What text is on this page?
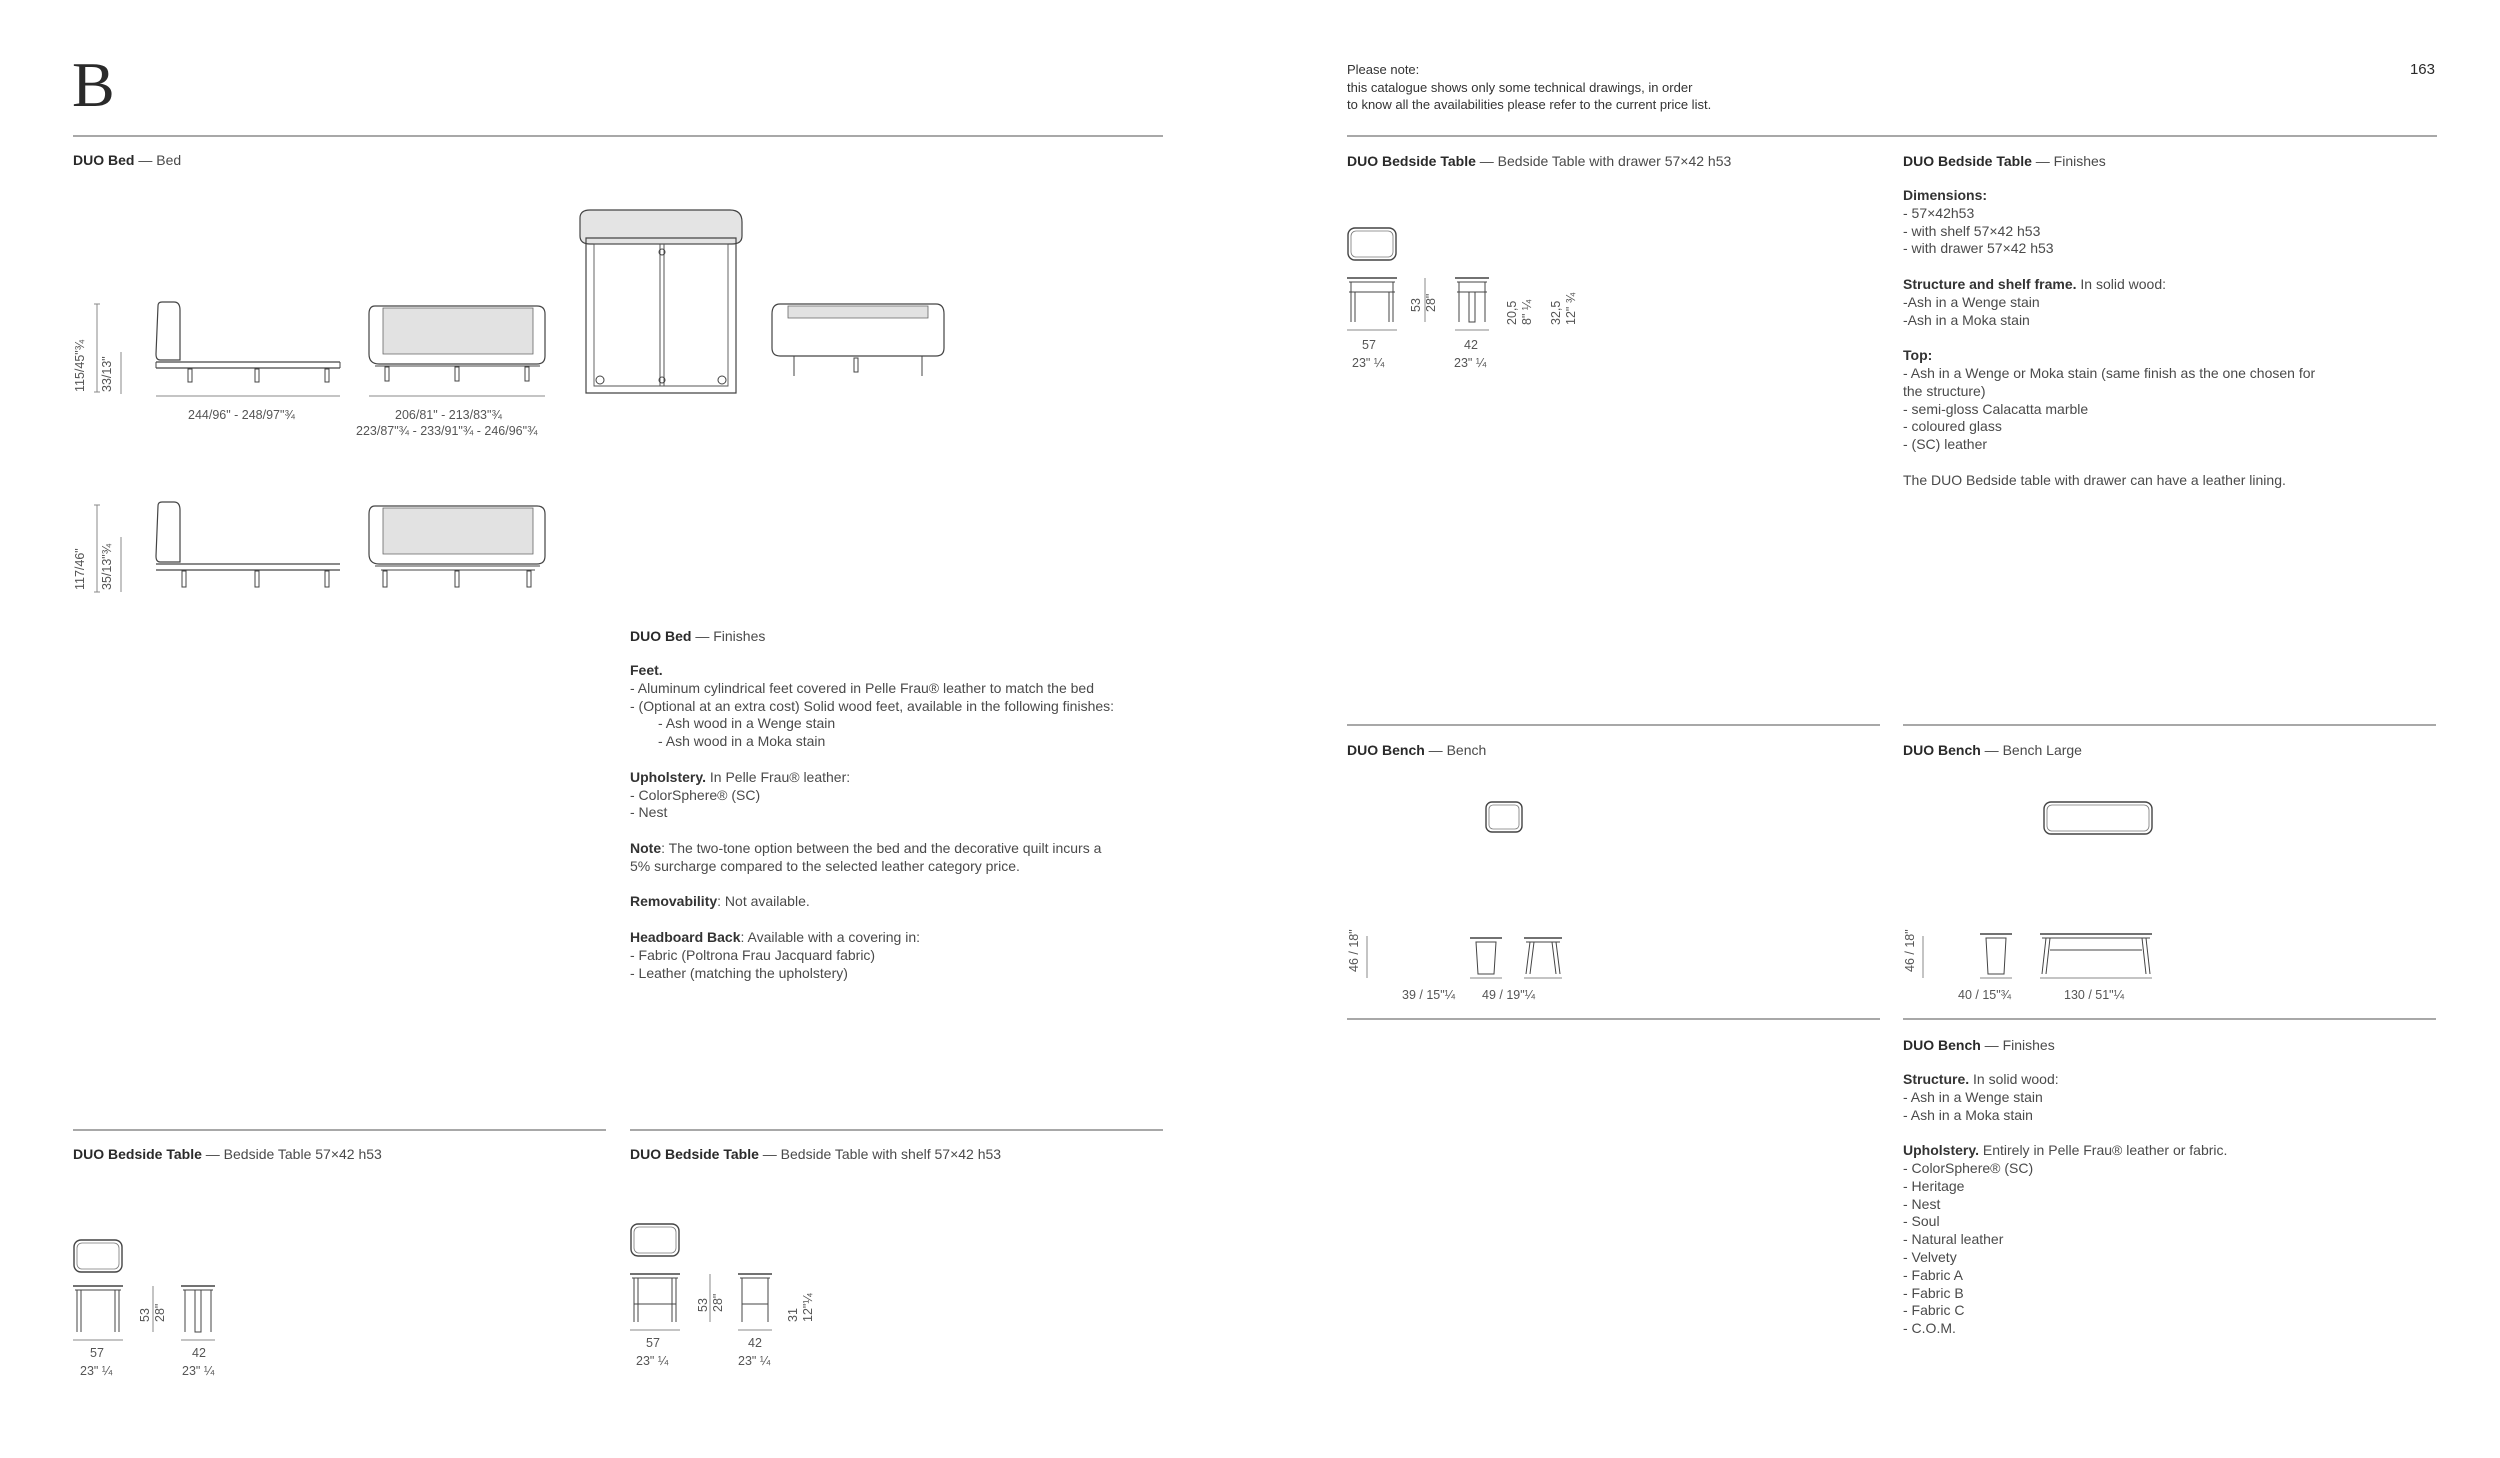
B	163
Please note:
this catalogue shows only some technical drawings, in order
to know all the availabilities please refer to the current price list.
DUO Bed — Bed
115/45"¾ 33/13"
117/46" 35/13"¾
244/96" - 248/97"¾	206/81" - 213/83"¾
223/87"¾ - 233/91"¾ - 246/96"¾
DUO Bed — Finishes
Feet.
- Aluminum cylindrical feet covered in Pelle Frau® leather to match the bed
- (Optional at an extra cost) Solid wood feet, available in the following finishes:
- Ash wood in a Wenge stain
- Ash wood in a Moka stain
Upholstery. In Pelle Frau® leather:
- ColorSphere® (SC)
- Nest
Note: The two-tone option between the bed and the decorative quilt incurs a
5% surcharge compared to the selected leather category price.
Removability: Not available.
Headboard Back: Available with a covering in:
- Fabric (Poltrona Frau Jacquard fabric)
- Leather (matching the upholstery)
DUO Bedside Table — Bedside Table 57×42 h53
53 28"
57
23" ¼
42
23" ¼
DUO Bedside Table — Bedside Table with shelf 57×42 h53
53 28"
31 12"¼
57
23" ¼
42
23" ¼
DUO Bedside Table — Bedside Table with drawer 57×42 h53
53 28"	20,5 8" ¼ 32,5 12" ¾
57
23" ¼
42
23" ¼
DUO Bedside Table — Finishes
Dimensions:
- 57×42h53
- with shelf 57×42 h53
- with drawer 57×42 h53
Structure and shelf frame. In solid wood:
-Ash in a Wenge stain
-Ash in a Moka stain
Top:
- Ash in a Wenge or Moka stain (same finish as the one chosen for
the structure)
- semi-gloss Calacatta marble
- coloured glass
- (SC) leather
The DUO Bedside table with drawer can have a leather lining.
DUO Bench — Bench
46 / 18"
39 / 15"¼ 49 / 19"¼
DUO Bench — Bench Large
46 / 18"
40 / 15"¾	130 / 51"¼
DUO Bench — Finishes
Structure. In solid wood:
- Ash in a Wenge stain
- Ash in a Moka stain
Upholstery. Entirely in Pelle Frau® leather or fabric.
- ColorSphere® (SC)
- Heritage
- Nest
- Soul
- Natural leather
- Velvety
- Fabric A
- Fabric B
- Fabric C
- C.O.M.
